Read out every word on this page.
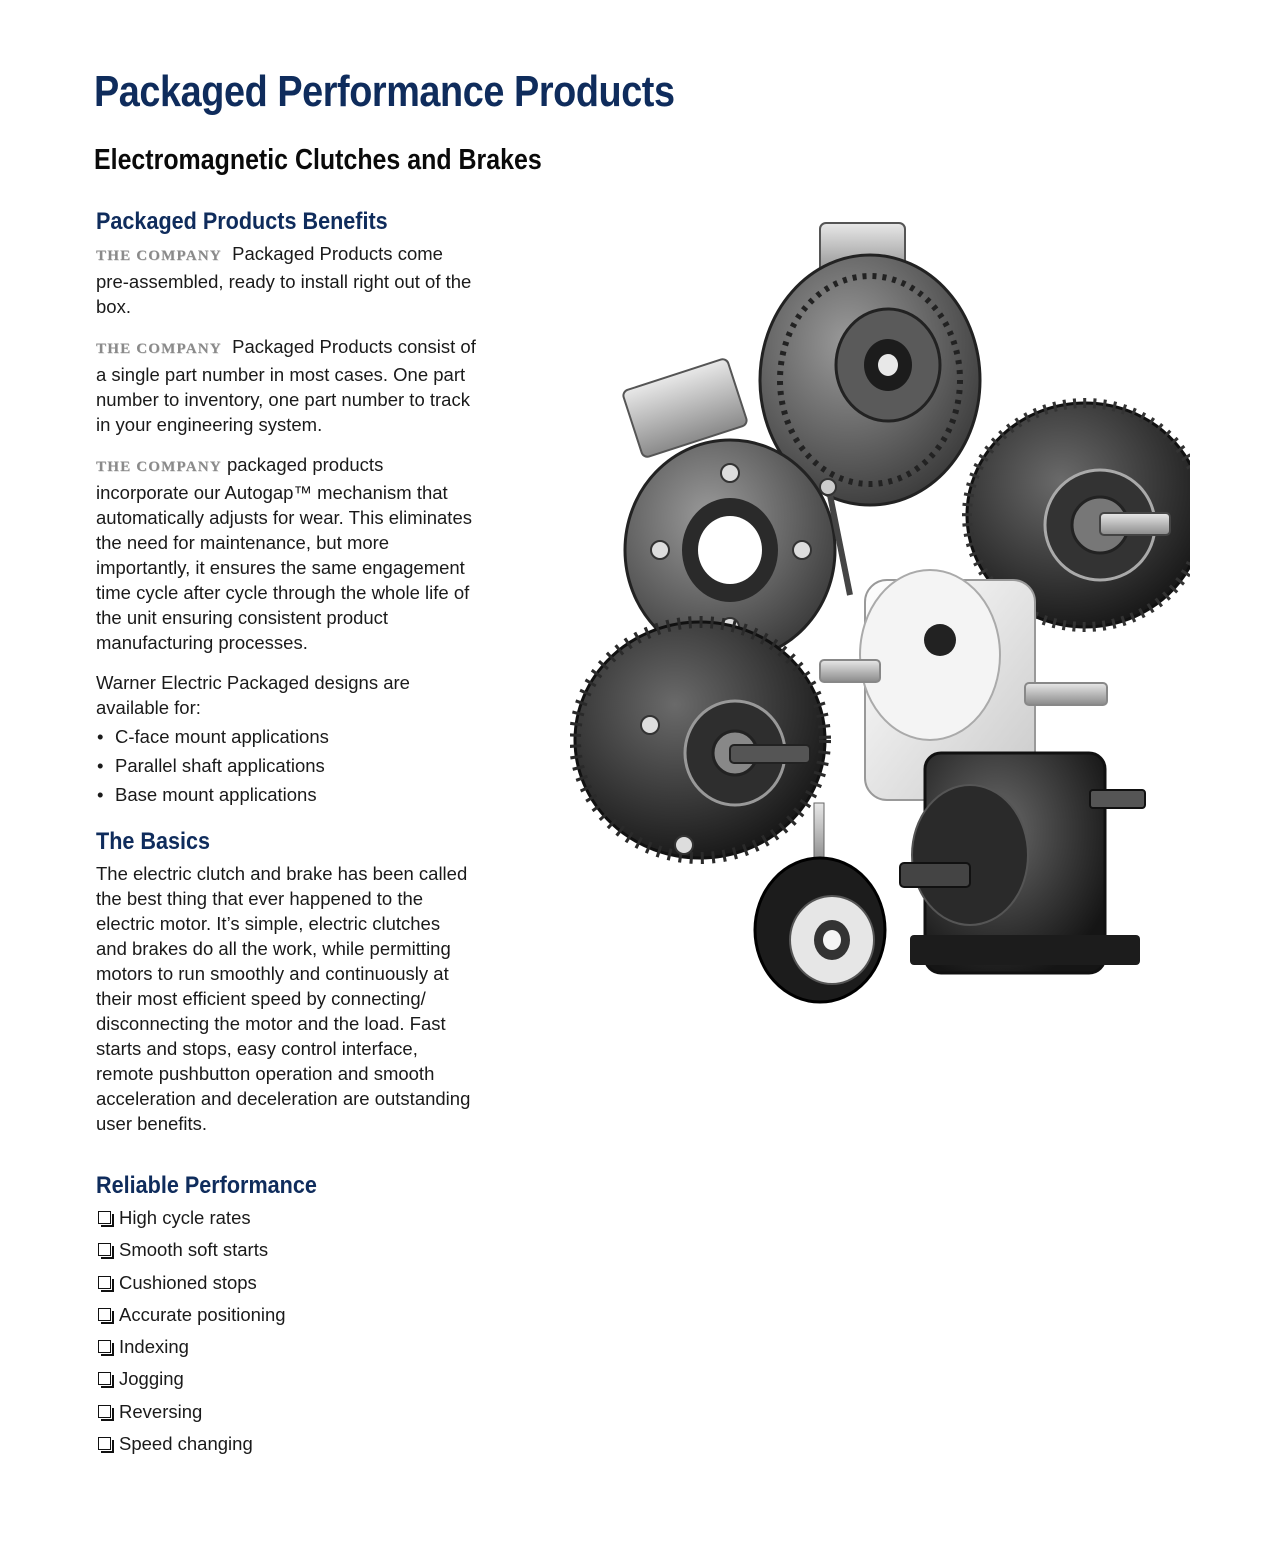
Packaged Performance Products
Electromagnetic Clutches and Brakes
Packaged Products Benefits

THE COMPANY Packaged Products come pre-assembled, ready to install right out of the box.

THE COMPANY Packaged Products consist of a single part number in most cases. One part number to inventory, one part number to track in your engineering system.

THE COMPANY packaged products incorporate our Autogap™ mechanism that automatically adjusts for wear. This eliminates the need for maintenance, but more importantly, it ensures the same engagement time cycle after cycle through the whole life of the unit ensuring consistent product manufacturing processes.

Warner Electric Packaged designs are available for:

• C-face mount applications
• Parallel shaft applications
• Base mount applications
The Basics

The electric clutch and brake has been called the best thing that ever happened to the electric motor. It’s simple, electric clutches and brakes do all the work, while permitting motors to run smoothly and continuously at their most efficient speed by connecting/ disconnecting the motor and the load. Fast starts and stops, easy control interface, remote pushbutton operation and smooth acceleration and deceleration are outstanding user benefits.

Reliable Performance
High cycle rates
Smooth soft starts
Cushioned stops
Accurate positioning
Indexing
Jogging
Reversing
Speed changing
